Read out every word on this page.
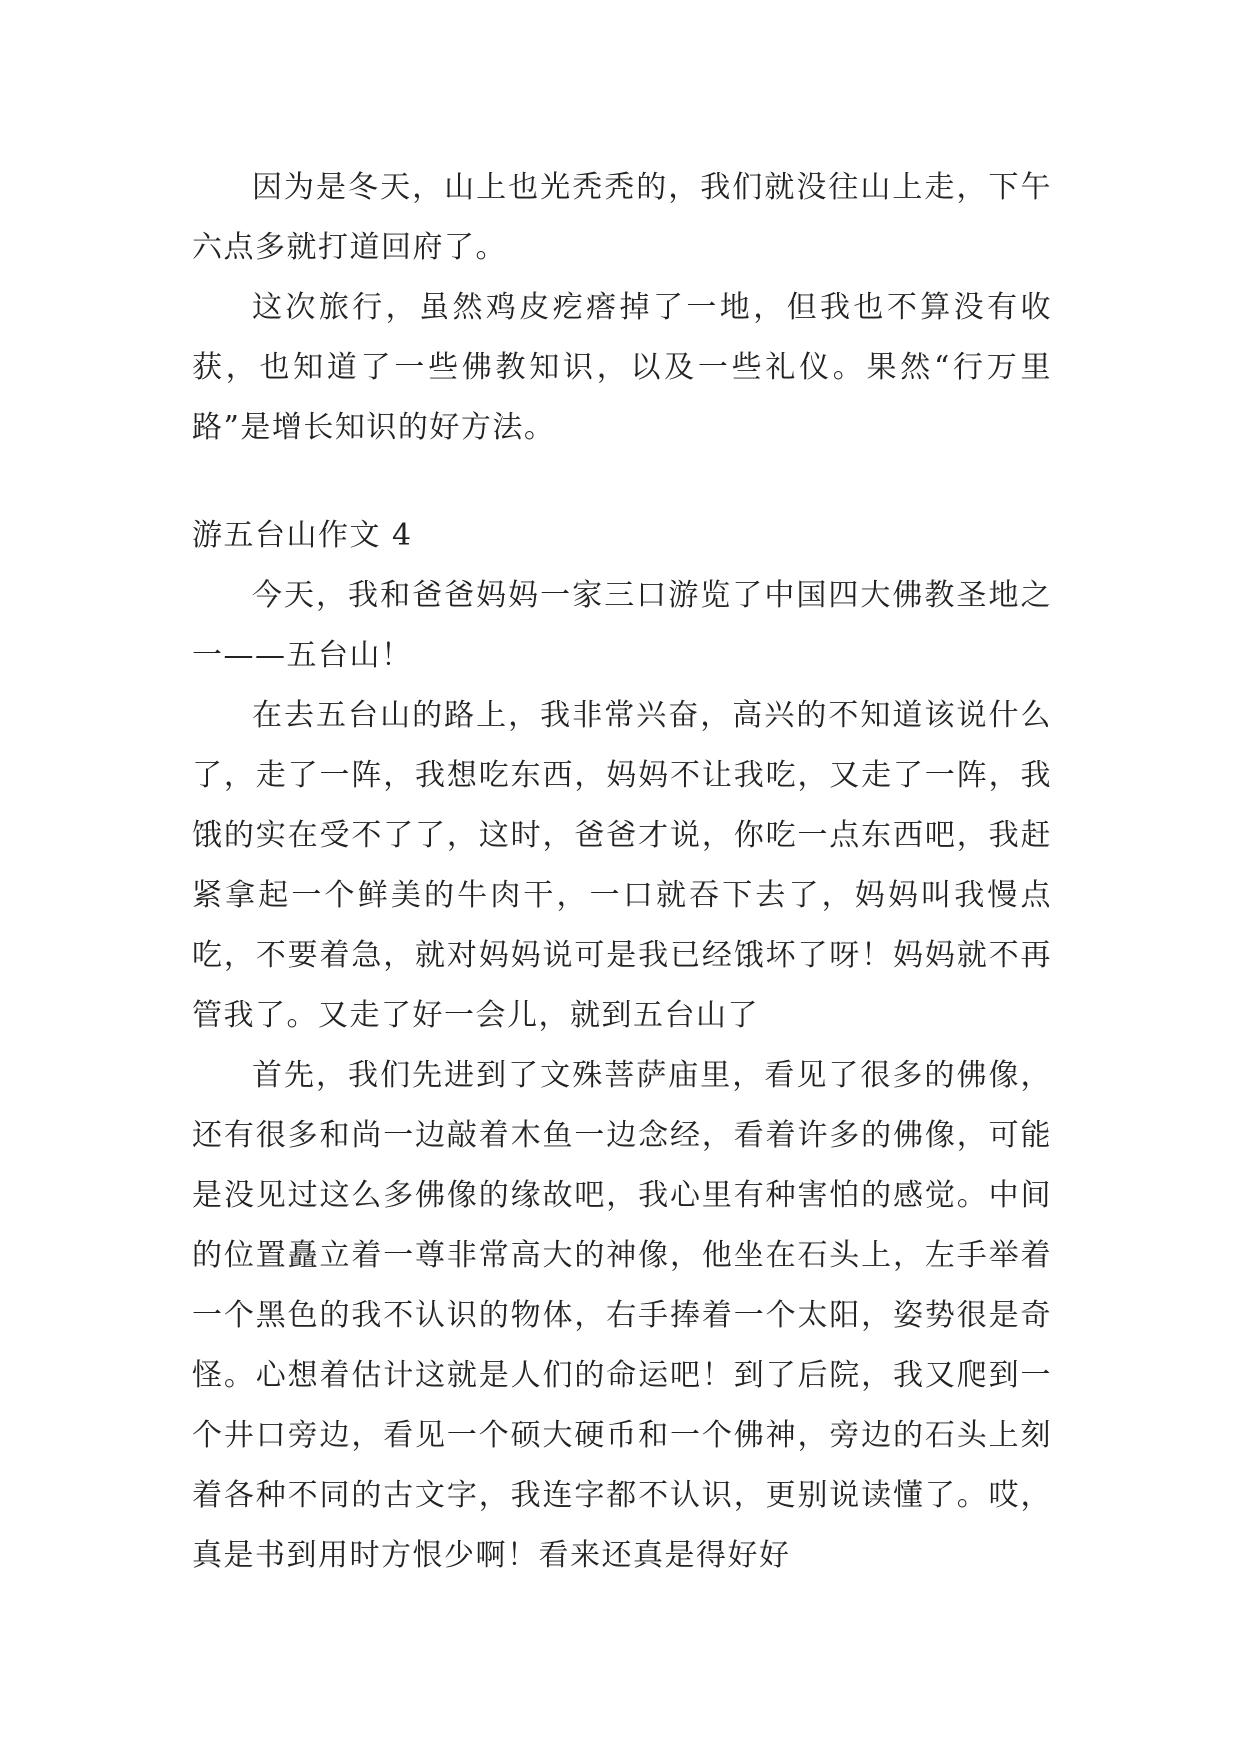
因为是冬天，山上也光秃秃的，我们就没往山上走，下午六点多就打道回府了。

这次旅行，虽然鸡皮疙瘩掉了一地，但我也不算没有收获，也知道了一些佛教知识，以及一些礼仪。果然“行万里路”是增长知识的好方法。

游五台山作文 4

今天，我和爸爸妈妈一家三口游览了中国四大佛教圣地之一——五台山！

在去五台山的路上，我非常兴奋，高兴的不知道该说什么了，走了一阵，我想吃东西，妈妈不让我吃，又走了一阵，我饿的实在受不了了，这时，爸爸才说，你吃一点东西吧，我赶紧拿起一个鲜美的牛肉干，一口就吞下去了，妈妈叫我慢点吃，不要着急，就对妈妈说可是我已经饿坏了呀！妈妈就不再管我了。又走了好一会儿，就到五台山了

首先，我们先进到了文殊菩萨庙里，看见了很多的佛像，还有很多和尚一边敲着木鱼一边念经，看着许多的佛像，可能是没见过这么多佛像的缘故吧，我心里有种害怕的感觉。中间的位置矗立着一尊非常高大的神像，他坐在石头上，左手举着一个黑色的我不认识的物体，右手捧着一个太阳，姿势很是奇怪。心想着估计这就是人们的命运吧！到了后院，我又爬到一个井口旁边，看见一个硕大硬币和一个佛神，旁边的石头上刻着各种不同的古文字，我连字都不认识，更别说读懂了。哎，真是书到用时方恨少啊！看来还真是得好好
